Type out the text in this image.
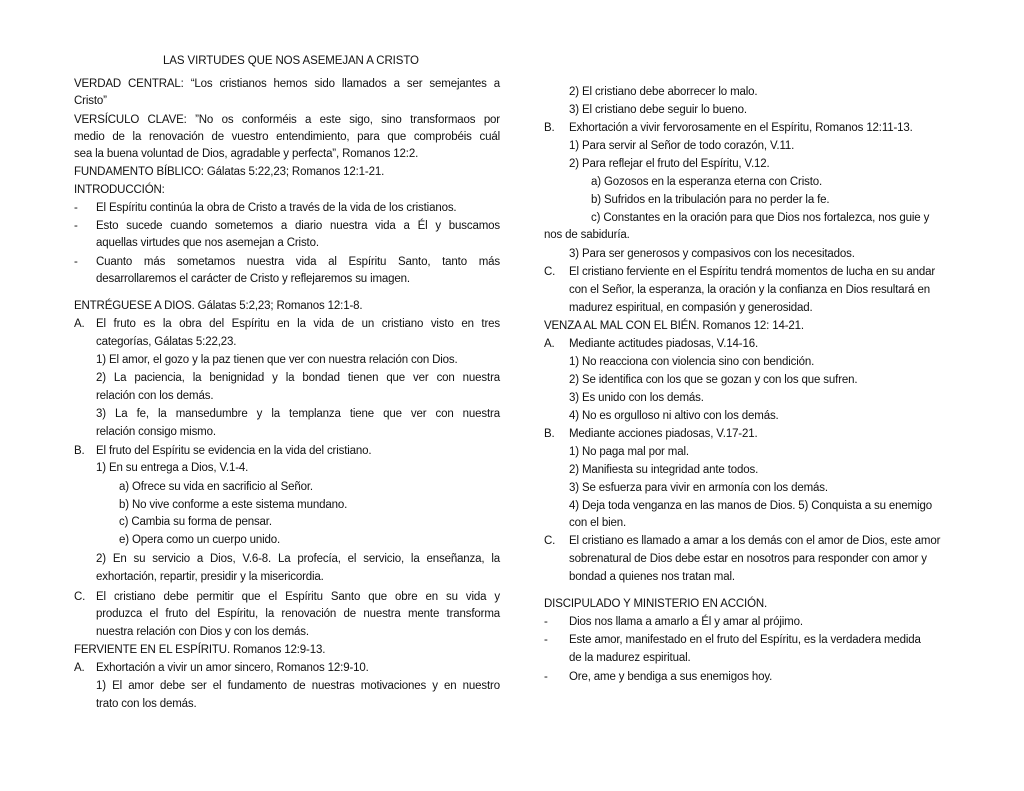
LAS VIRTUDES QUE NOS ASEMEJAN A CRISTO
VERDAD CENTRAL: “Los cristianos hemos sido llamados a ser semejantes a
Cristo”
VERSÍCULO CLAVE: ”No os conforméis a este sigo, sino transformaos por
medio de la renovación de vuestro entendimiento, para que comprobéis cuál
sea la buena voluntad de Dios, agradable y perfecta”, Romanos 12:2.
FUNDAMENTO BÍBLICO: Gálatas 5:22,23; Romanos 12:1-21.
INTRODUCCIÓN:
- El Espíritu continúa la obra de Cristo a través de la vida de los cristianos.
- Esto sucede cuando sometemos a diario nuestra vida a Él y buscamos
aquellas virtudes que nos asemejan a Cristo.
- Cuanto más sometamos nuestra vida al Espíritu Santo, tanto más
desarrollaremos el carácter de Cristo y reflejaremos su imagen.
ENTRÉGUESE A DIOS. Gálatas 5:2,23; Romanos 12:1-8.
A. El fruto es la obra del Espíritu en la vida de un cristiano visto en tres
categorías, Gálatas 5:22,23.
1) El amor, el gozo y la paz tienen que ver con nuestra relación con Dios.
2) La paciencia, la benignidad y la bondad tienen que ver con nuestra
relación con los demás.
3) La fe, la mansedumbre y la templanza tiene que ver con nuestra
relación consigo mismo.
B. El fruto del Espíritu se evidencia en la vida del cristiano.
1) En su entrega a Dios, V.1-4.
a) Ofrece su vida en sacrificio al Señor.
b) No vive conforme a este sistema mundano.
c) Cambia su forma de pensar.
e) Opera como un cuerpo unido.
2) En su servicio a Dios, V.6-8. La profecía, el servicio, la enseñanza, la
exhortación, repartir, presidir y la misericordia.
C. El cristiano debe permitir que el Espíritu Santo que obre en su vida y
produzca el fruto del Espíritu, la renovación de nuestra mente transforma
nuestra relación con Dios y con los demás.
FERVIENTE EN EL ESPÍRITU. Romanos 12:9-13.
A. Exhortación a vivir un amor sincero, Romanos 12:9-10.
1) El amor debe ser el fundamento de nuestras motivaciones y en nuestro
trato con los demás.
2) El cristiano debe aborrecer lo malo.
3) El cristiano debe seguir lo bueno.
B. Exhortación a vivir fervorosamente en el Espíritu, Romanos 12:11-13.
1) Para servir al Señor de todo corazón, V.11.
2) Para reflejar el fruto del Espíritu, V.12.
a) Gozosos en la esperanza eterna con Cristo.
b) Sufridos en la tribulación para no perder la fe.
c) Constantes en la oración para que Dios nos fortalezca, nos guie y
nos de sabiduría.
3) Para ser generosos y compasivos con los necesitados.
C. El cristiano ferviente en el Espíritu tendrá momentos de lucha en su andar
con el Señor, la esperanza, la oración y la confianza en Dios resultará en
madurez espiritual, en compasión y generosidad.
VENZA AL MAL CON EL BIÉN. Romanos 12: 14-21.
A. Mediante actitudes piadosas, V.14-16.
1) No reacciona con violencia sino con bendición.
2) Se identifica con los que se gozan y con los que sufren.
3) Es unido con los demás.
4) No es orgulloso ni altivo con los demás.
B. Mediante acciones piadosas, V.17-21.
1) No paga mal por mal.
2) Manifiesta su integridad ante todos.
3) Se esfuerza para vivir en armonía con los demás.
4) Deja toda venganza en las manos de Dios. 5) Conquista a su enemigo
con el bien.
C. El cristiano es llamado a amar a los demás con el amor de Dios, este amor
sobrenatural de Dios debe estar en nosotros para responder con amor y
bondad a quienes nos tratan mal.
DISCIPULADO Y MINISTERIO EN ACCIÓN.
- Dios nos llama a amarlo a Él y amar al prójimo.
- Este amor, manifestado en el fruto del Espíritu, es la verdadera medida
de la madurez espiritual.
- Ore, ame y bendiga a sus enemigos hoy.
